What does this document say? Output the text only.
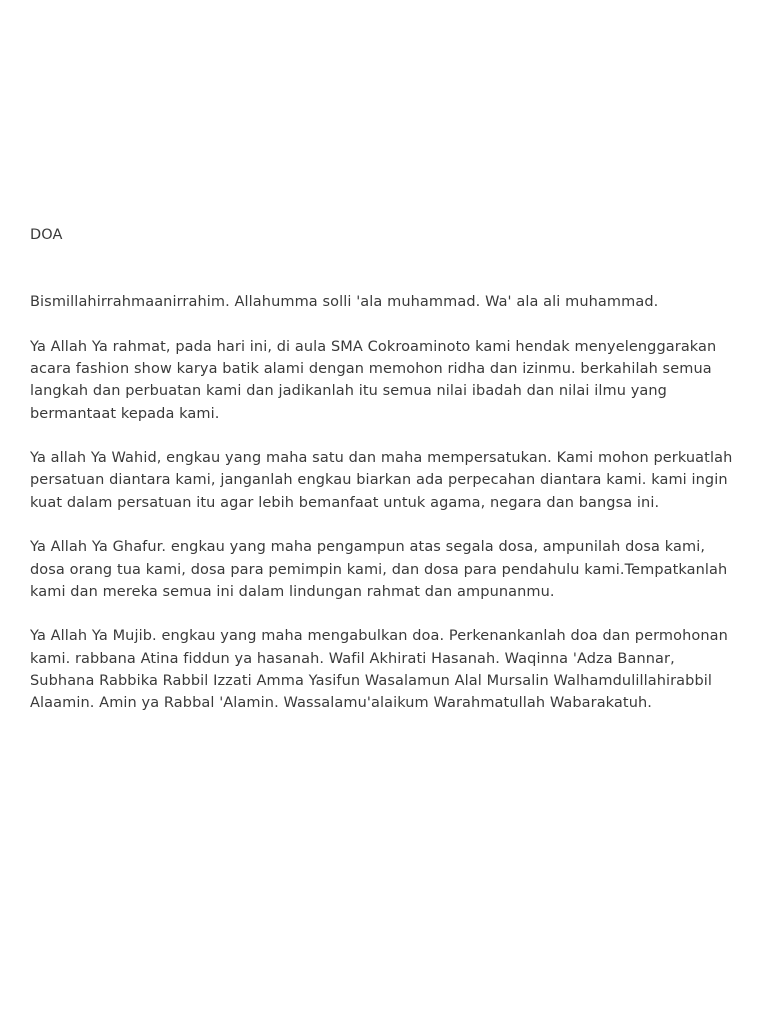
DOA

Bismillahirrahmaanirrahim. Allahumma solli 'ala muhammad. Wa' ala ali muhammad.

Ya Allah Ya rahmat, pada hari ini, di aula SMA Cokroaminoto kami hendak menyelenggarakan acara fashion show karya batik alami dengan memohon ridha dan izinmu. berkahilah semua langkah dan perbuatan kami dan jadikanlah itu semua nilai ibadah dan nilai ilmu yang bermantaat kepada kami.

Ya allah Ya Wahid, engkau yang maha satu dan maha mempersatukan. Kami mohon perkuatlah persatuan diantara kami, janganlah engkau biarkan ada perpecahan diantara kami. kami ingin kuat dalam persatuan itu agar lebih bemanfaat untuk agama, negara dan bangsa ini.

Ya Allah Ya Ghafur. engkau yang maha pengampun atas segala dosa, ampunilah dosa kami, dosa orang tua kami, dosa para pemimpin kami, dan dosa para pendahulu kami.Tempatkanlah kami dan mereka semua ini dalam lindungan rahmat dan ampunanmu.

Ya Allah Ya Mujib. engkau yang maha mengabulkan doa. Perkenankanlah doa dan permohonan kami. rabbana Atina fiddun ya hasanah. Wafil Akhirati Hasanah. Waqinna 'Adza Bannar, Subhana Rabbika Rabbil Izzati Amma Yasifun Wasalamun Alal Mursalin Walhamdulillahirabbil Alaamin. Amin ya Rabbal 'Alamin. Wassalamu'alaikum Warahmatullah Wabarakatuh.
